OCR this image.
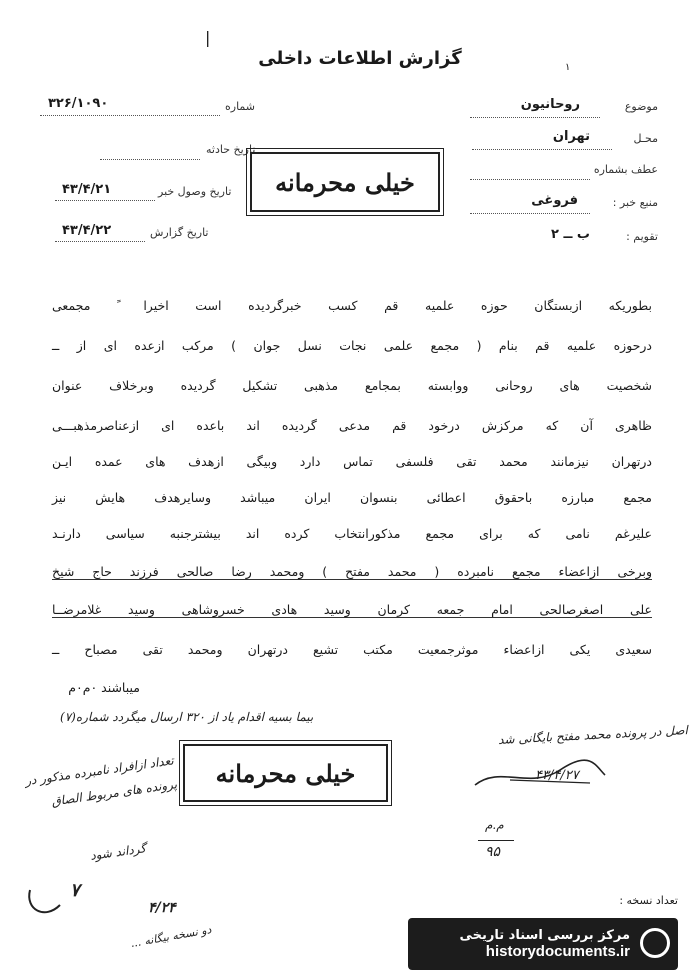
|
گزارش اطلاعات داخلی	۱
موضوع
روحانیون
محـل
تهران
عطف بشماره
منبع خبر :
فروغی
تقویم :
ب ــ ۲
شماره
۳۲۶/۱۰۹۰
تاریخ حادثه
تاریخ وصول خبر
۴۳/۴/۲۱
تاریخ گزارش
۴۳/۴/۲۲
خیلی محرمانه
بطوریکه ازبستگان حوزه علمیه قم کسب خبرگردیده است اخیرا ً مجمعی
درحوزه علمیه قم بنام ( مجمع علمی نجات نسل جوان ) مرکب ازعده ای از ــ
شخصیت های روحانی ووابسته بمجامع مذهبی تشکیل گردیده وبرخلاف عنوان
ظاهری آن که مرکزش درخود قم مدعی گردیده اند باعده ای ازعناصرمذهبـــی
درتهران نیزمانند محمد تقی فلسفی تماس دارد وبیگی ازهدف های عمده ایـن
مجمع مبارزه باحقوق اعطائی بنسوان ایران میباشد وسایرهدف هایش نیز
علیرغم نامی که برای مجمع مذکورانتخاب کرده اند بیشترجنبه سیاسی دارنـد
وبرخی ازاعضاء مجمع نامبرده ( محمد مفتح ) ومحمد رضا صالحی فرزند حاج شیخ
علی اصغرصالحی امام جمعه کرمان وسید هادی خسروشاهی وسید غلامرضــا
سعیدی یکی ازاعضاء موثرجمعیت مکتب تشیع درتهران ومحمد تقی مصباح ــ
میباشند ۰م۰م
بیما بسیه اقدام یاد از ۳۲۰ ارسال میگردد شماره(۷)
اصل در پرونده محمد مفتح بایگانی شد
۴۳/۴/۲۷
م.م
۹۵
خیلی محرمانه
تعداد ازافراد نامبرده مذکور در پرونده های مربوط الصاق
گرداند شود
تعداد نسخه :
۷
۴/۲۴
دو نسخه بیگانه ...	مرکز بررسی اسناد تاریخی
historydocuments.ir
